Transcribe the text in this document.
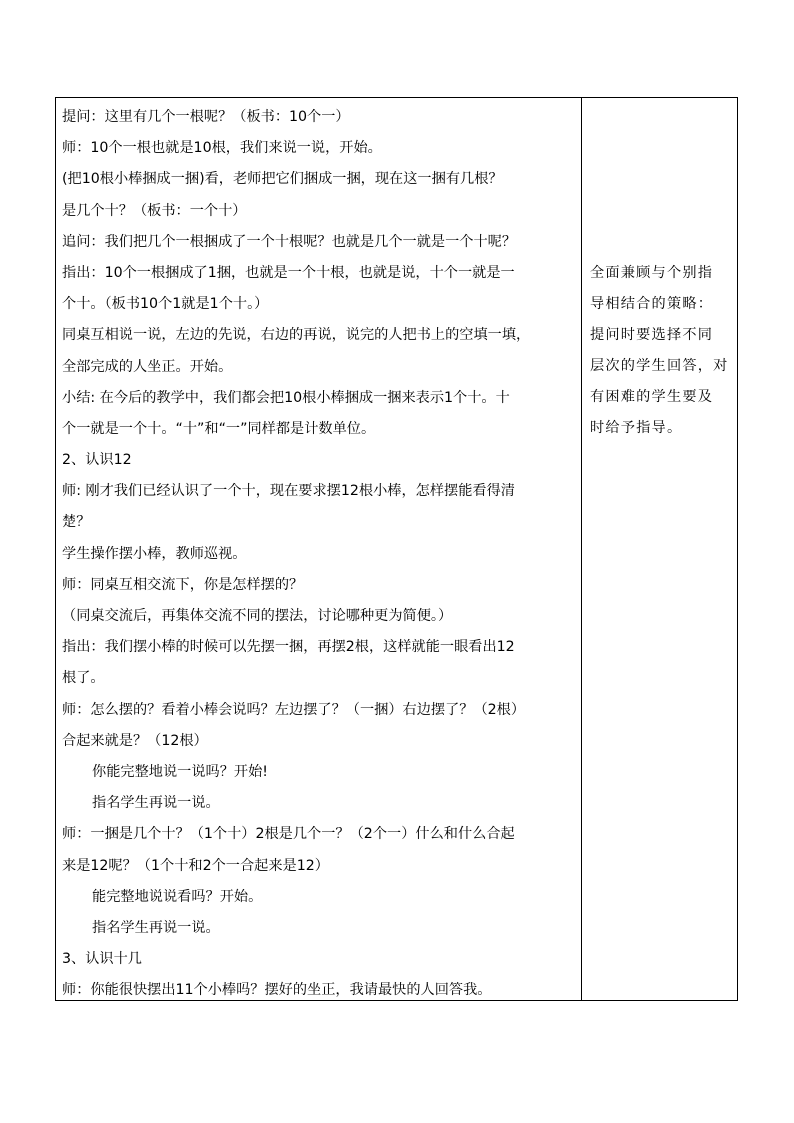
提问：这里有几个一根呢？（板书：10个一）
师：10个一根也就是10根，我们来说一说，开始。
(把10根小棒捆成一捆)看，老师把它们捆成一捆，现在这一捆有几根？
是几个十？（板书：一个十）
追问：我们把几个一根捆成了一个十根呢？也就是几个一就是一个十呢？
指出：10个一根捆成了1捆，也就是一个十根，也就是说，十个一就是一
个十。（板书10个1就是1个十。）
同桌互相说一说，左边的先说，右边的再说，说完的人把书上的空填一填，
全部完成的人坐正。开始。
小结: 在今后的教学中，我们都会把10根小棒捆成一捆来表示1个十。十
个一就是一个十。“十”和“一”同样都是计数单位。
2、认识12
师: 刚才我们已经认识了一个十，现在要求摆12根小棒，怎样摆能看得清
楚？
学生操作摆小棒，教师巡视。
师：同桌互相交流下，你是怎样摆的？
（同桌交流后，再集体交流不同的摆法，讨论哪种更为简便。）
指出：我们摆小棒的时候可以先摆一捆，再摆2根，这样就能一眼看出12
根了。
师：怎么摆的？看着小棒会说吗？左边摆了？（一捆）右边摆了？（2根）
合起来就是？（12根）
你能完整地说一说吗？开始!
指名学生再说一说。
师：一捆是几个十？（1个十）2根是几个一？（2个一）什么和什么合起
来是12呢？（1个十和2个一合起来是12）
能完整地说说看吗？开始。
指名学生再说一说。
3、认识十几
师：你能很快摆出11个小棒吗？摆好的坐正，我请最快的人回答我。
全面兼顾与个别指
导相结合的策略：
提问时要选择不同
层次的学生回答，对
有困难的学生要及
时给予指导。
